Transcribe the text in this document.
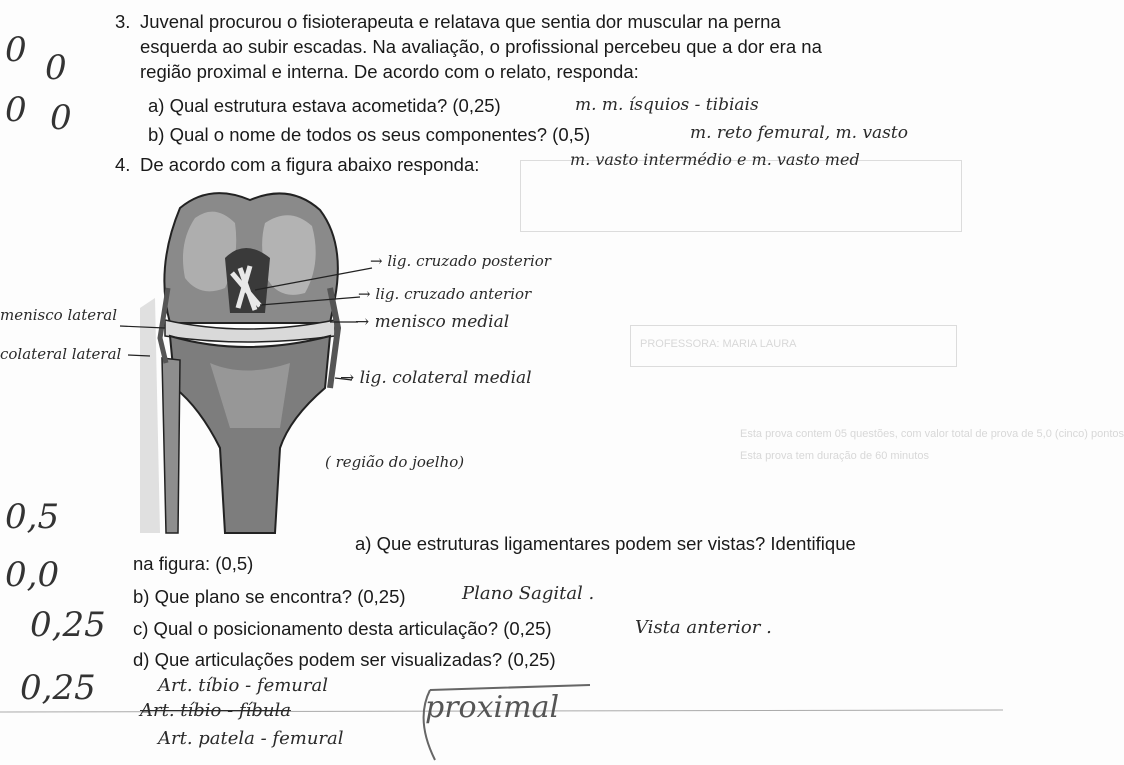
PROFESSORA: MARIA LAURA
Esta prova contem 05 questões, com valor total de prova de 5,0 (cinco) pontos
Esta prova tem duração de 60 minutos
3. Juvenal procurou o fisioterapeuta e relatava que sentia dor muscular na perna
esquerda ao subir escadas. Na avaliação, o profissional percebeu que a dor era na
região proximal e interna. De acordo com o relato, responda:
a) Qual estrutura estava acometida? (0,25)	m. m. ísquios - tibiais
b) Qual o nome de todos os seus componentes? (0,5)	m. reto femural, m. vasto
m. vasto intermédio e m. vasto med
4. De acordo com a figura abaixo responda:
→ lig. cruzado posterior
→ lig. cruzado anterior
→ menisco medial
→ lig. colateral medial
menisco lateral
colateral lateral
( região do joelho)
a) Que estruturas ligamentares podem ser vistas? Identifique
na figura: (0,5)
b) Que plano se encontra? (0,25)	Plano Sagital .
c) Qual o posicionamento desta articulação? (0,25)	Vista anterior .
d) Que articulações podem ser visualizadas? (0,25)
Art. tíbio - femural
Art. tíbio - fíbula
Art. patela - femural
proximal
0 0
0 0
0,5
0,0
0,25
0,25
